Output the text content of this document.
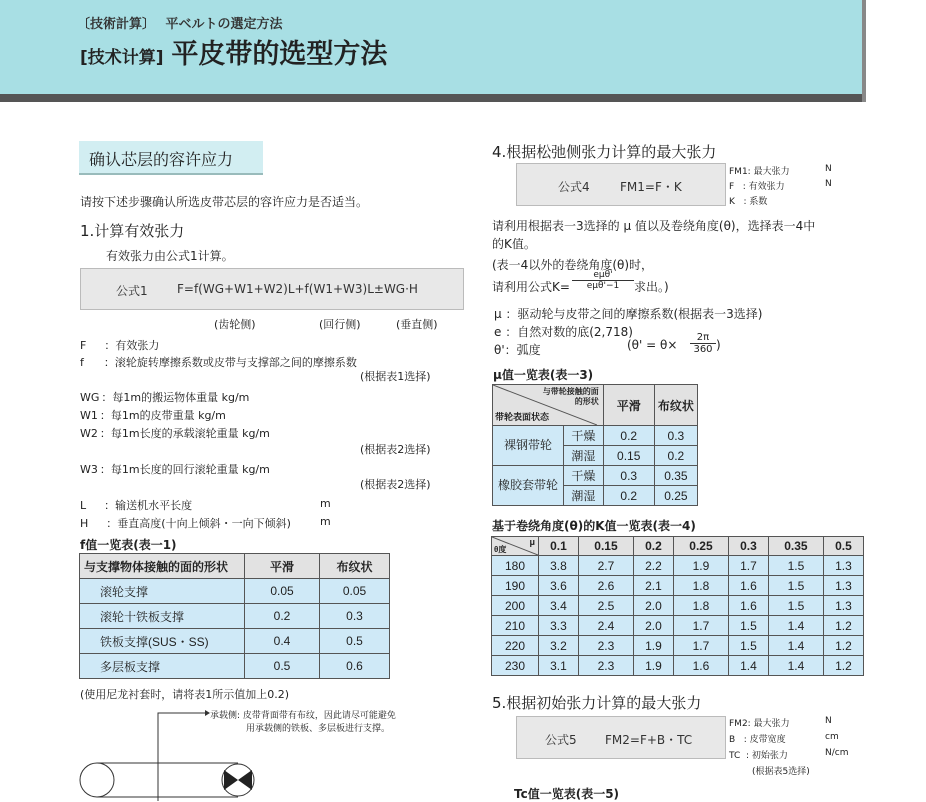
〔技術計算〕 平ベルトの選定方法
[技术计算] 平皮带的选型方法
确认芯层的容许应力
请按下述步骤确认所选皮带芯层的容许应力是否适当。
1.计算有效张力
有效张力由公式1计算。
公式1 F=f(WG+W1+W2)L+f(W1+W3)L±WG·H
(齿轮侧)	(回行侧)	(垂直侧)
F ：有效张力
f ：滚轮旋转摩擦系数或皮带与支撑部之间的摩擦系数
(根据表1选择)
WG ：每1m的搬运物体重量 kg/m
W1 ：每1m的皮带重量 kg/m
W2 ：每1m长度的承载滚轮重量 kg/m
(根据表2选择)
W3 ：每1m长度的回行滚轮重量 kg/m
(根据表2选择)
L ：输送机水平长度	m
H ：垂直高度(十向上倾斜・一向下倾斜)	m
f值一览表(表一1)
与支撑物体接触的面的形状	平滑	布纹状
滚轮支撑	0.05	0.05
滚轮十铁板支撑	0.2	0.3
铁板支撑(SUS・SS)	0.4	0.5
多层板支撑	0.5	0.6
(使用尼龙衬套时，请将表1所示值加上0.2)
承载侧: 皮带背面带有布纹，因此请尽可能避免
用承载侧的铁板、多层板进行支撑。
4.根据松弛侧张力计算的最大张力
公式4	FM1=F・K
FM1: 最大张力	N
F : 有效张力	N
K : 系数
请利用根据表一3选择的 μ 值以及卷绕角度(θ)，选择表一4中
的K值。
(表一4以外的卷绕角度(θ)时，
请利用公式K=
eμθ'
eμθ'−1	求出。)
μ ：驱动轮与皮带之间的摩擦系数(根据表一3选择)
e ：自然对数的底(2,718)
θ'：弧度	($\theta' = \theta\times \frac{2\pi}{360}$ )
μ值一览表(表一3)
与带轮接触的面的形状
带轮表面状态		平滑	布纹状
裸钢带轮	干燥	0.2	0.3
	潮湿	0.15	0.2
橡胶套带轮	干燥	0.3	0.35
	潮湿	0.2	0.25
基于卷绕角度(θ)的K值一览表(表一4)
μ
θ度	0.1	0.15	0.2	0.25	0.3	0.35	0.5
180	3.8	2.7	2.2	1.9	1.7	1.5	1.3
190	3.6	2.6	2.1	1.8	1.6	1.5	1.3
200	3.4	2.5	2.0	1.8	1.6	1.5	1.3
210	3.3	2.4	2.0	1.7	1.5	1.4	1.2
220	3.2	2.3	1.9	1.7	1.5	1.4	1.2
230	3.1	2.3	1.9	1.6	1.4	1.4	1.2
5.根据初始张力计算的最大张力
公式5 FM2=F+B・TC
FM2: 最大张力	N
B : 皮带宽度	cm
TC : 初始张力	N/cm
(根据表5选择)
Tc值一览表(表一5)
